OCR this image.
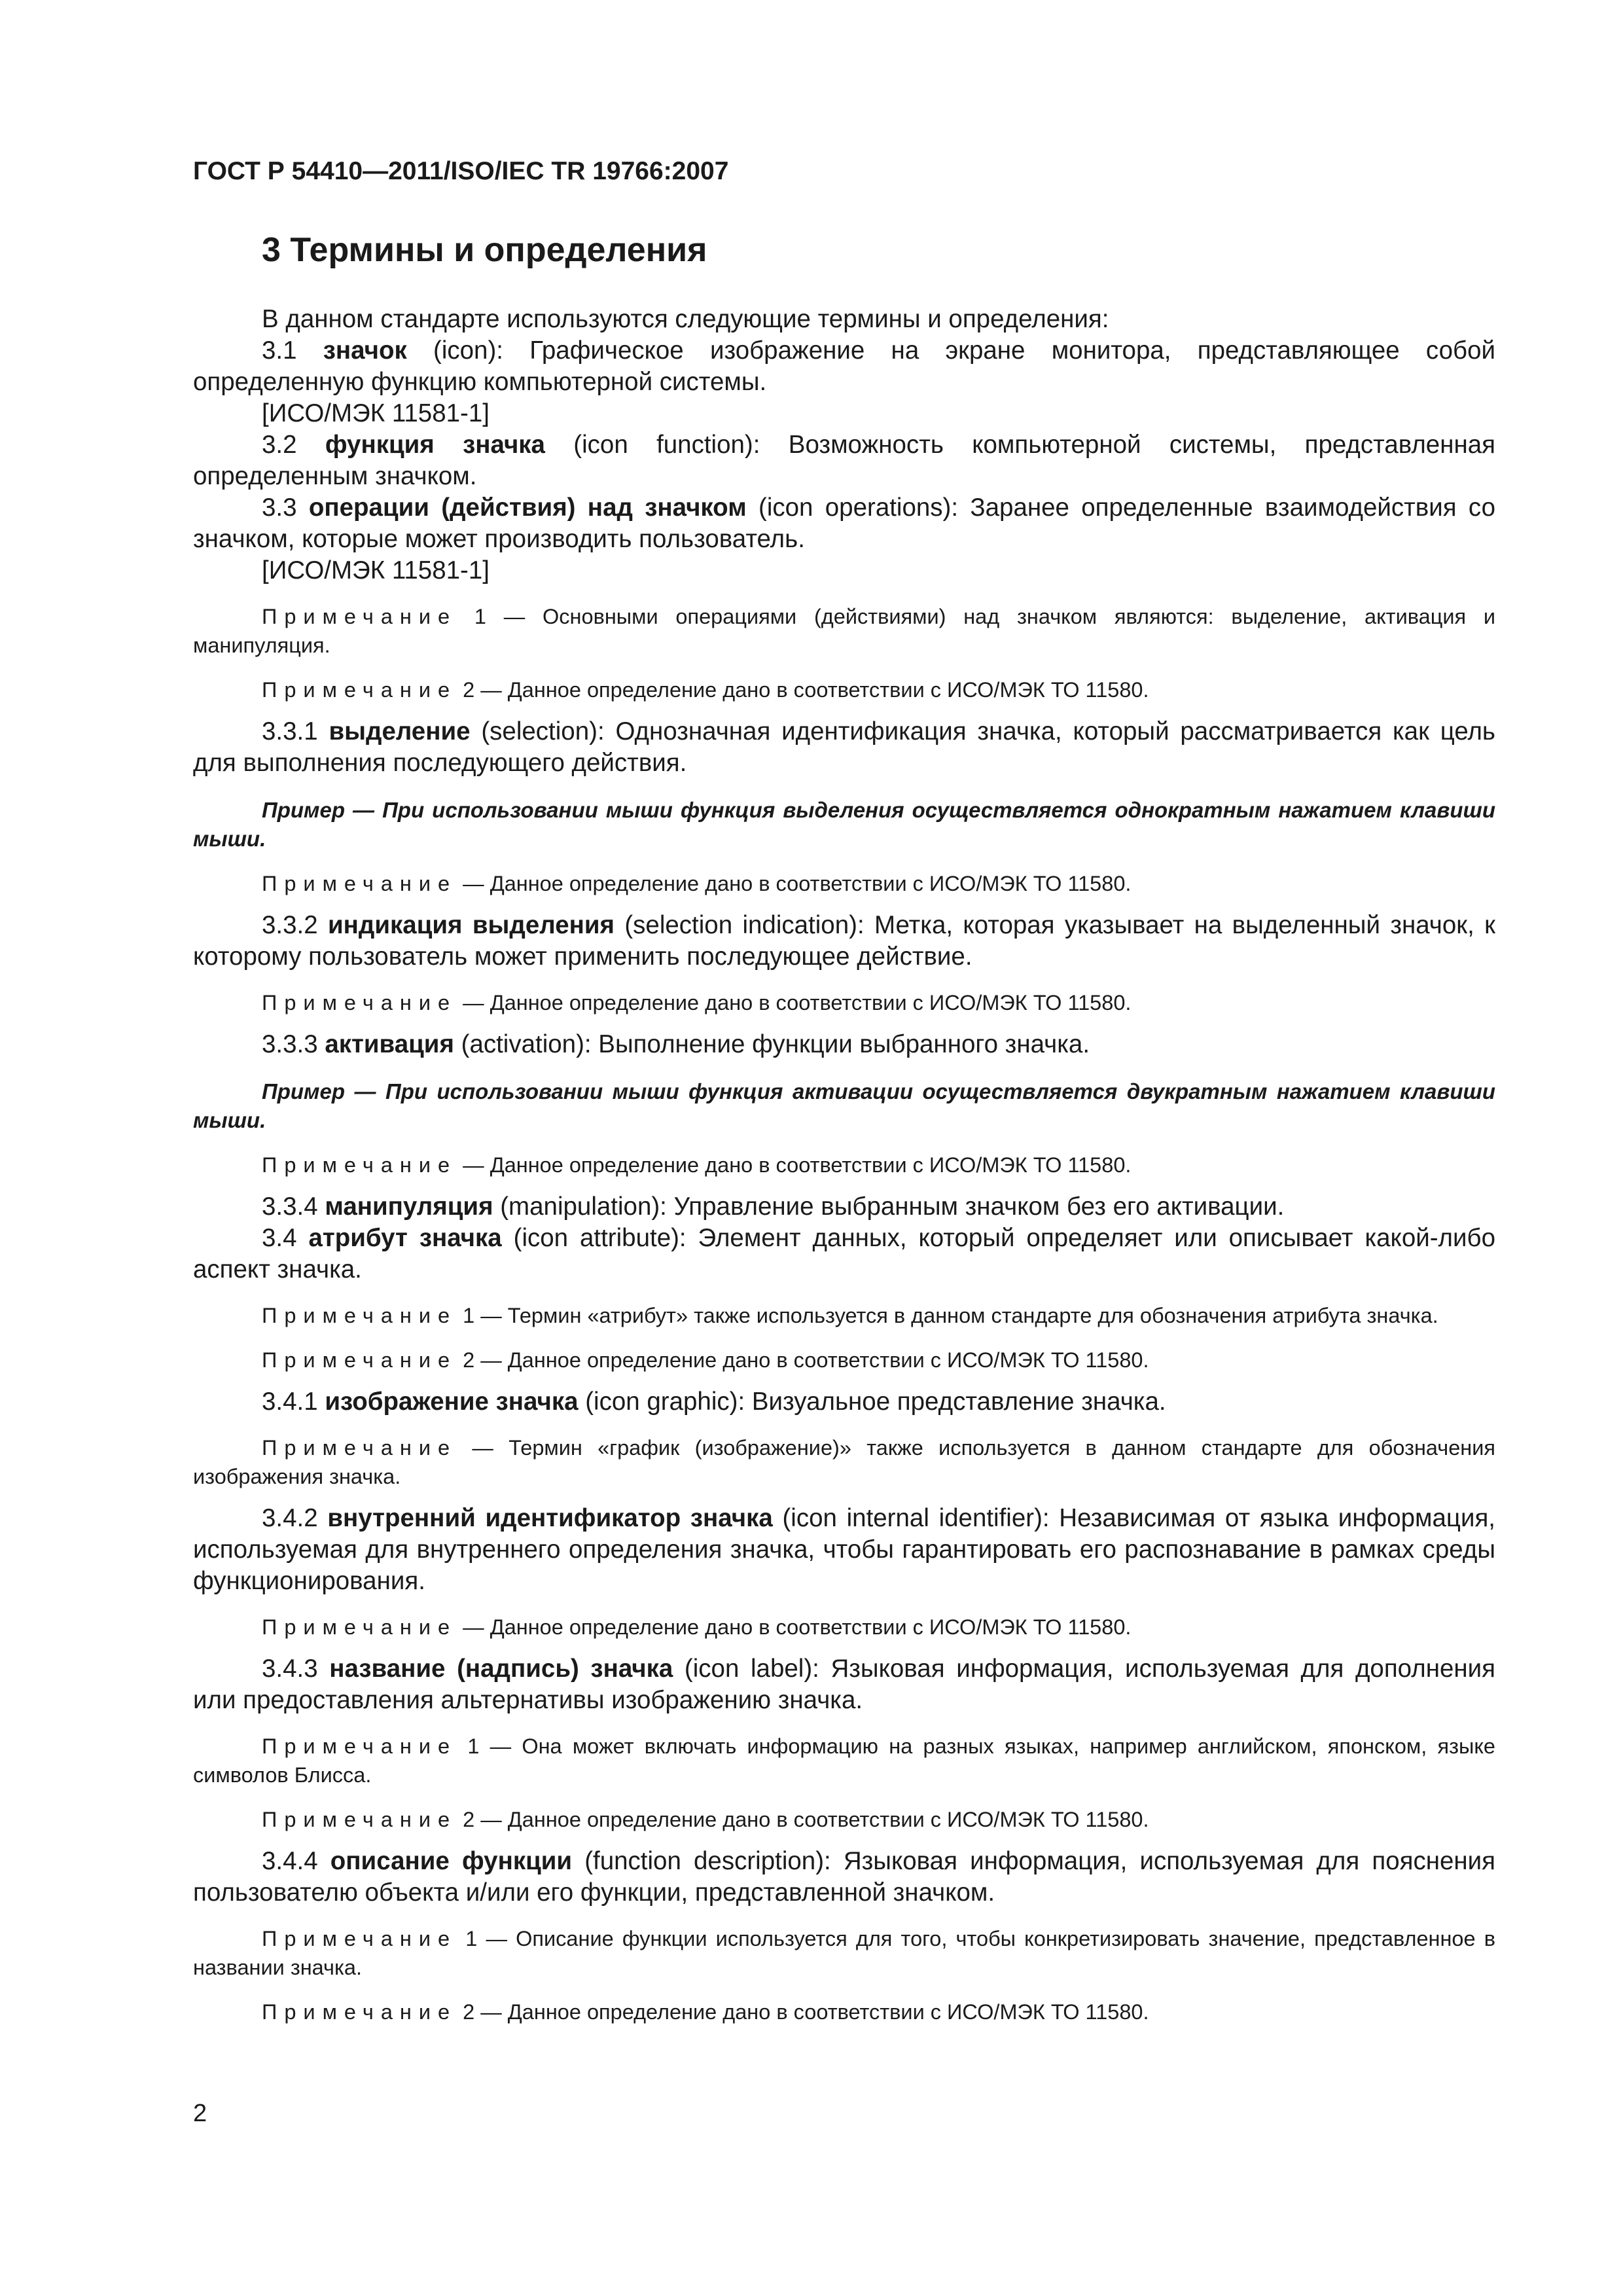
ГОСТ Р 54410—2011/ISO/IEC TR 19766:2007
3 Термины и определения
В данном стандарте используются следующие термины и определения:
3.1 значок (icon): Графическое изображение на экране монитора, представляющее собой определенную функцию компьютерной системы.
[ИСО/МЭК 11581-1]
3.2 функция значка (icon function): Возможность компьютерной системы, представленная определенным значком.
3.3 операции (действия) над значком (icon operations): Заранее определенные взаимодействия со значком, которые может производить пользователь.
[ИСО/МЭК 11581-1]
Примечание 1 — Основными операциями (действиями) над значком являются: выделение, активация и манипуляция.
Примечание 2 — Данное определение дано в соответствии с ИСО/МЭК ТО 11580.
3.3.1 выделение (selection): Однозначная идентификация значка, который рассматривается как цель для выполнения последующего действия.
Пример — При использовании мыши функция выделения осуществляется однократным нажатием клавиши мыши.
Примечание — Данное определение дано в соответствии с ИСО/МЭК ТО 11580.
3.3.2 индикация выделения (selection indication): Метка, которая указывает на выделенный значок, к которому пользователь может применить последующее действие.
Примечание — Данное определение дано в соответствии с ИСО/МЭК ТО 11580.
3.3.3 активация (activation): Выполнение функции выбранного значка.
Пример — При использовании мыши функция активации осуществляется двукратным нажатием клавиши мыши.
Примечание — Данное определение дано в соответствии с ИСО/МЭК ТО 11580.
3.3.4 манипуляция (manipulation): Управление выбранным значком без его активации.
3.4 атрибут значка (icon attribute): Элемент данных, который определяет или описывает какой-либо аспект значка.
Примечание 1 — Термин «атрибут» также используется в данном стандарте для обозначения атрибута значка.
Примечание 2 — Данное определение дано в соответствии с ИСО/МЭК ТО 11580.
3.4.1 изображение значка (icon graphic): Визуальное представление значка.
Примечание — Термин «график (изображение)» также используется в данном стандарте для обозначения изображения значка.
3.4.2 внутренний идентификатор значка (icon internal identifier): Независимая от языка информация, используемая для внутреннего определения значка, чтобы гарантировать его распознавание в рамках среды функционирования.
Примечание — Данное определение дано в соответствии с ИСО/МЭК ТО 11580.
3.4.3 название (надпись) значка (icon label): Языковая информация, используемая для дополнения или предоставления альтернативы изображению значка.
Примечание 1 — Она может включать информацию на разных языках, например английском, японском, языке символов Блисса.
Примечание 2 — Данное определение дано в соответствии с ИСО/МЭК ТО 11580.
3.4.4 описание функции (function description): Языковая информация, используемая для пояснения пользователю объекта и/или его функции, представленной значком.
Примечание 1 — Описание функции используется для того, чтобы конкретизировать значение, представленное в названии значка.
Примечание 2 — Данное определение дано в соответствии с ИСО/МЭК ТО 11580.
2
